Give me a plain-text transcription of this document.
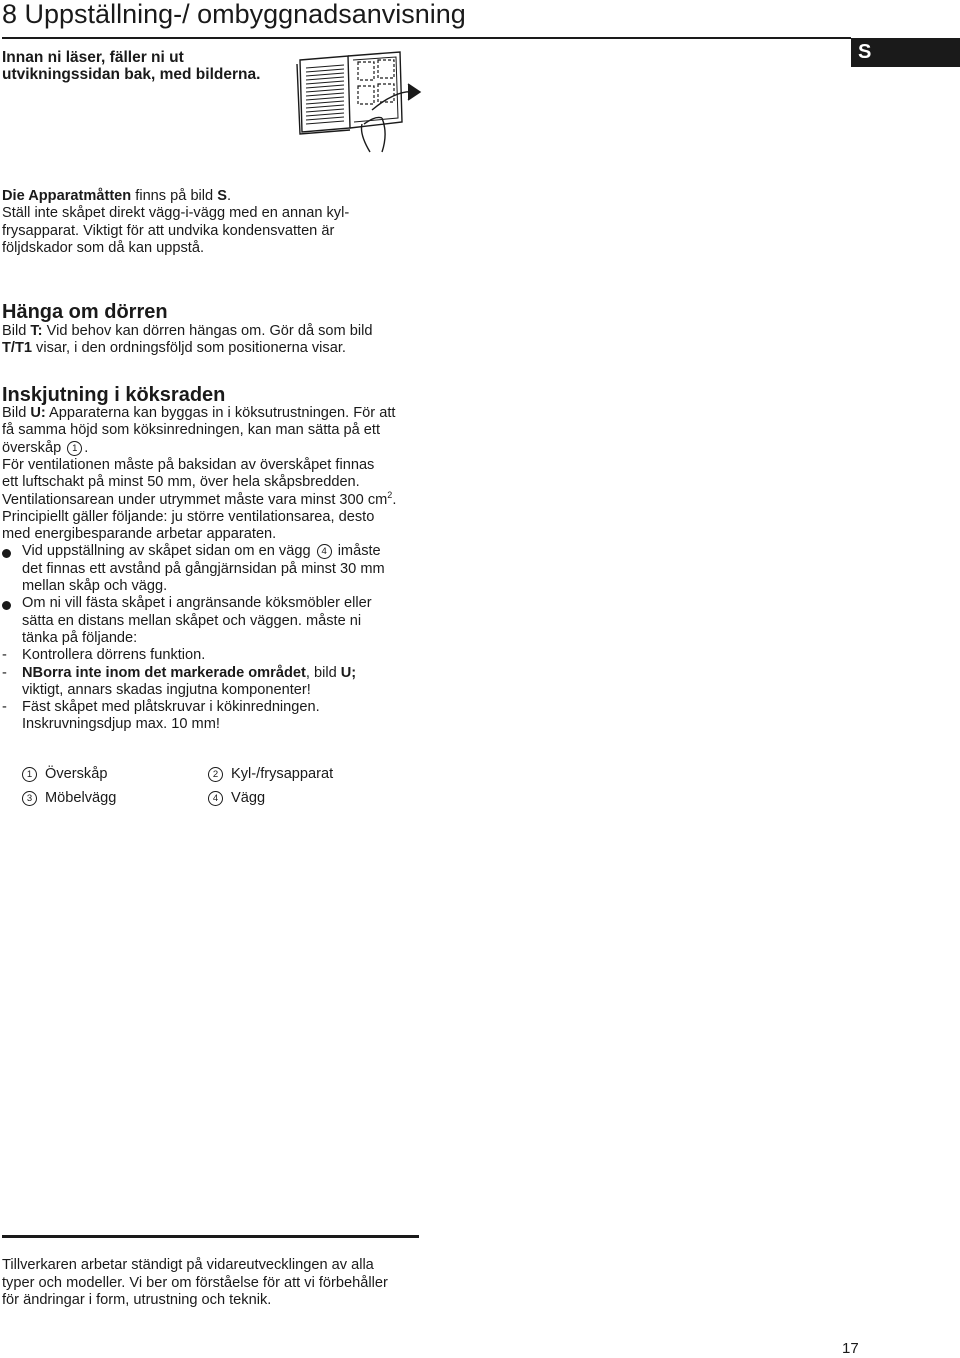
8 Uppställning-/ ombyggnadsanvisning
S
Innan ni läser, fäller ni ut
utvikningssidan bak, med bilderna.

Die Apparatmåtten finns på bild S.

Ställ inte skåpet direkt vägg-i-vägg med en annan kyl-

frysapparat. Viktigt för att undvika kondensvatten är

följdskador som då kan uppstå.

Hänga om dörren

Bild T: Vid behov kan dörren hängas om. Gör då som bild

T/T1 visar, i den ordningsföljd som positionerna visar.

Inskjutning i köksraden
Bild U: Apparaterna kan byggas in i köksutrustningen. För att
få samma höjd som köksinredningen, kan man sätta på ett
överskåp 1 .
För ventilationen måste på baksidan av överskåpet finnas
ett luftschakt på minst 50 mm, över hela skåpsbredden.
Ventilationsarean under utrymmet måste vara minst 300 $cm^2$.
Principiellt gäller följande: ju större ventilationsarea, desto
med energibesparande arbetar apparaten.
Vid uppställning av skåpet sidan om en vägg 4 imåste
det finnas ett avstånd på gångjärnsidan på minst 30 mm
mellan skåp och vägg.
Om ni vill fästa skåpet i angränsande köksmöbler eller
sätta en distans mellan skåpet och väggen. måste ni
tänka på följande:
- Kontrollera dörrens funktion.
- NBorra inte inom det markerade området, bild U;
viktigt, annars skadas ingjutna komponenter!
- Fäst skåpet med plåtskruvar i kökinredningen.
Inskruvningsdjup max. 10 mm!
1 Överskåp	2 Kyl-/frysapparat
3 Möbelvägg	4 Vägg
Tillverkaren arbetar ständigt på vidareutvecklingen av alla
typer och modeller. Vi ber om förståelse för att vi förbehåller
för ändringar i form, utrustning och teknik.
17
